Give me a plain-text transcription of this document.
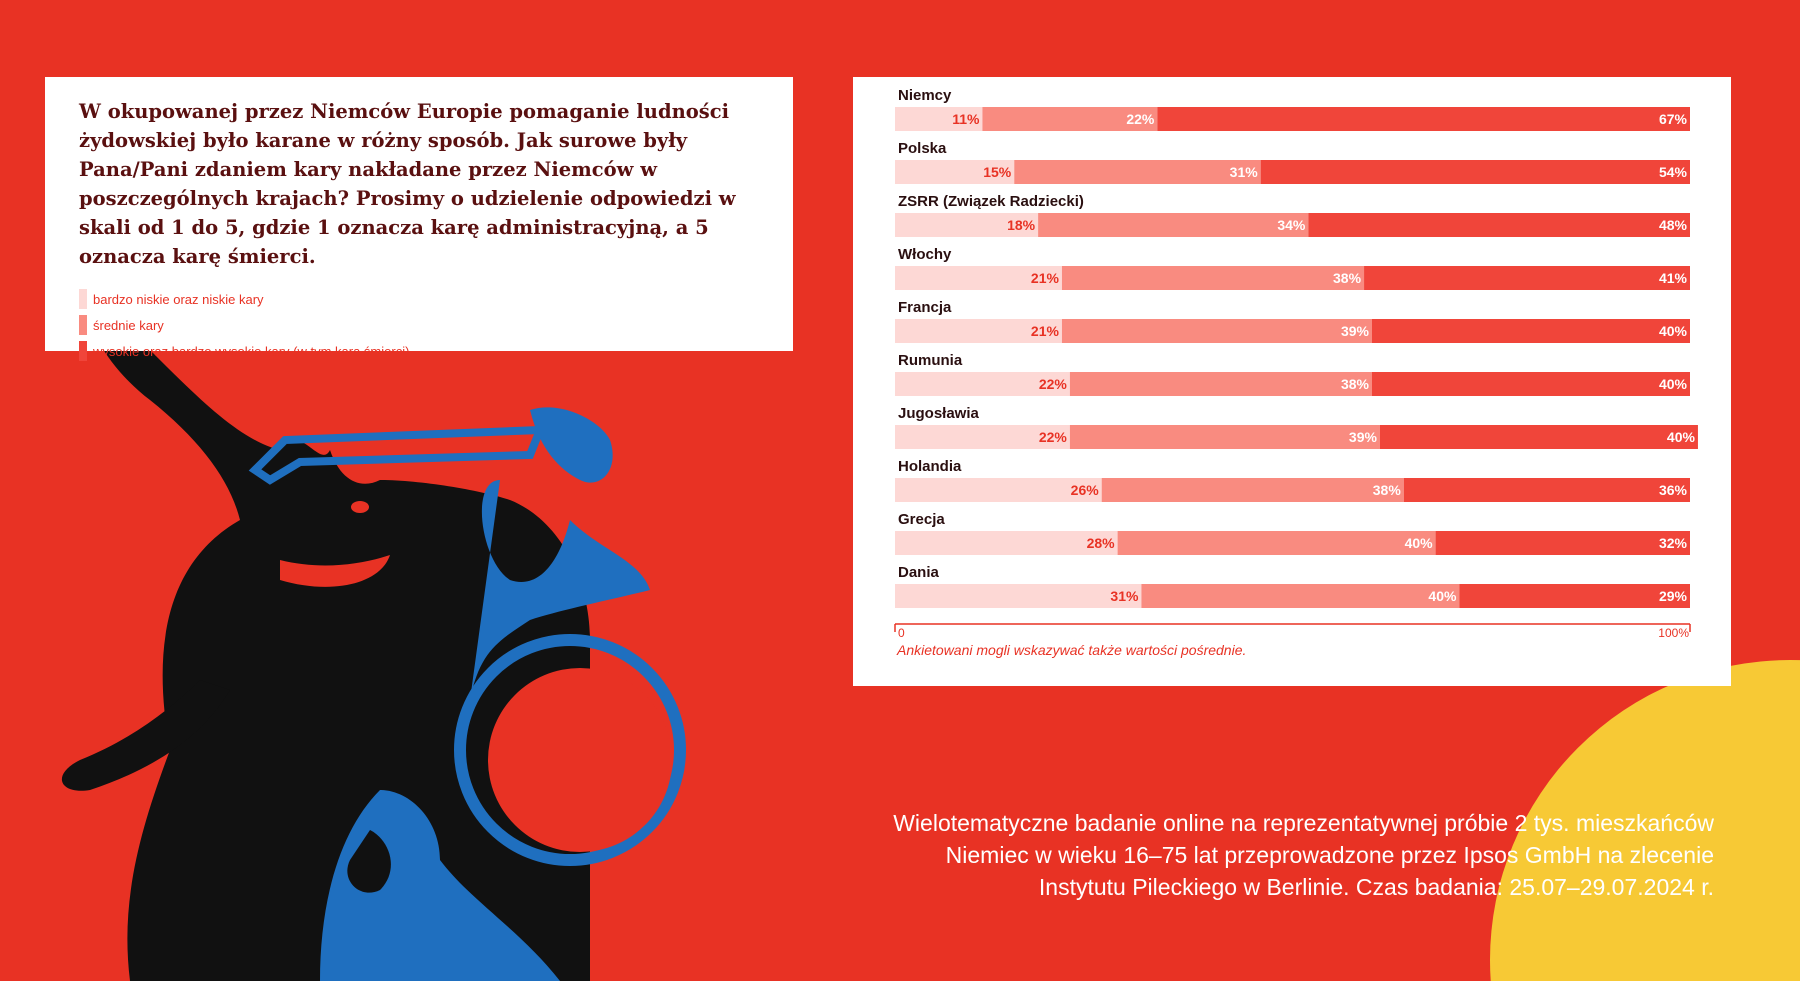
W okupowanej przez Niemców Europie pomaganie ludności żydowskiej było karane w różny sposób. Jak surowe były Pana/Pani zdaniem kary nakładane przez Niemców w poszczególnych krajach? Prosimy o udzielenie odpowiedzi w skali od 1 do 5, gdzie 1 oznacza karę administracyjną, a 5 oznacza karę śmierci.

bardzo niskie oraz niskie kary
średnie kary
wysokie oraz bardzo wysokie kary (w tym kara śmierci)
Niemcy
11%	22%	67%
Polska
15%	31%	54%
ZSRR (Związek Radziecki)
18%	34%	48%
Włochy
21%	38%	41%
Francja
21%	39%	40%
Rumunia
22%	38%	40%
Jugosławia
22%	39%	40%
Holandia
26%	38%	36%
Grecja
28%	40%	32%
Dania
31%	40%	29%
0	100%

Ankietowani mogli wskazywać także wartości pośrednie.

Wielotematyczne badanie online na reprezentatywnej próbie 2 tys. mieszkańców
Niemiec w wieku 16–75 lat przeprowadzone przez Ipsos GmbH na zlecenie
Instytutu Pileckiego w Berlinie. Czas badania: 25.07–29.07.2024 r.
